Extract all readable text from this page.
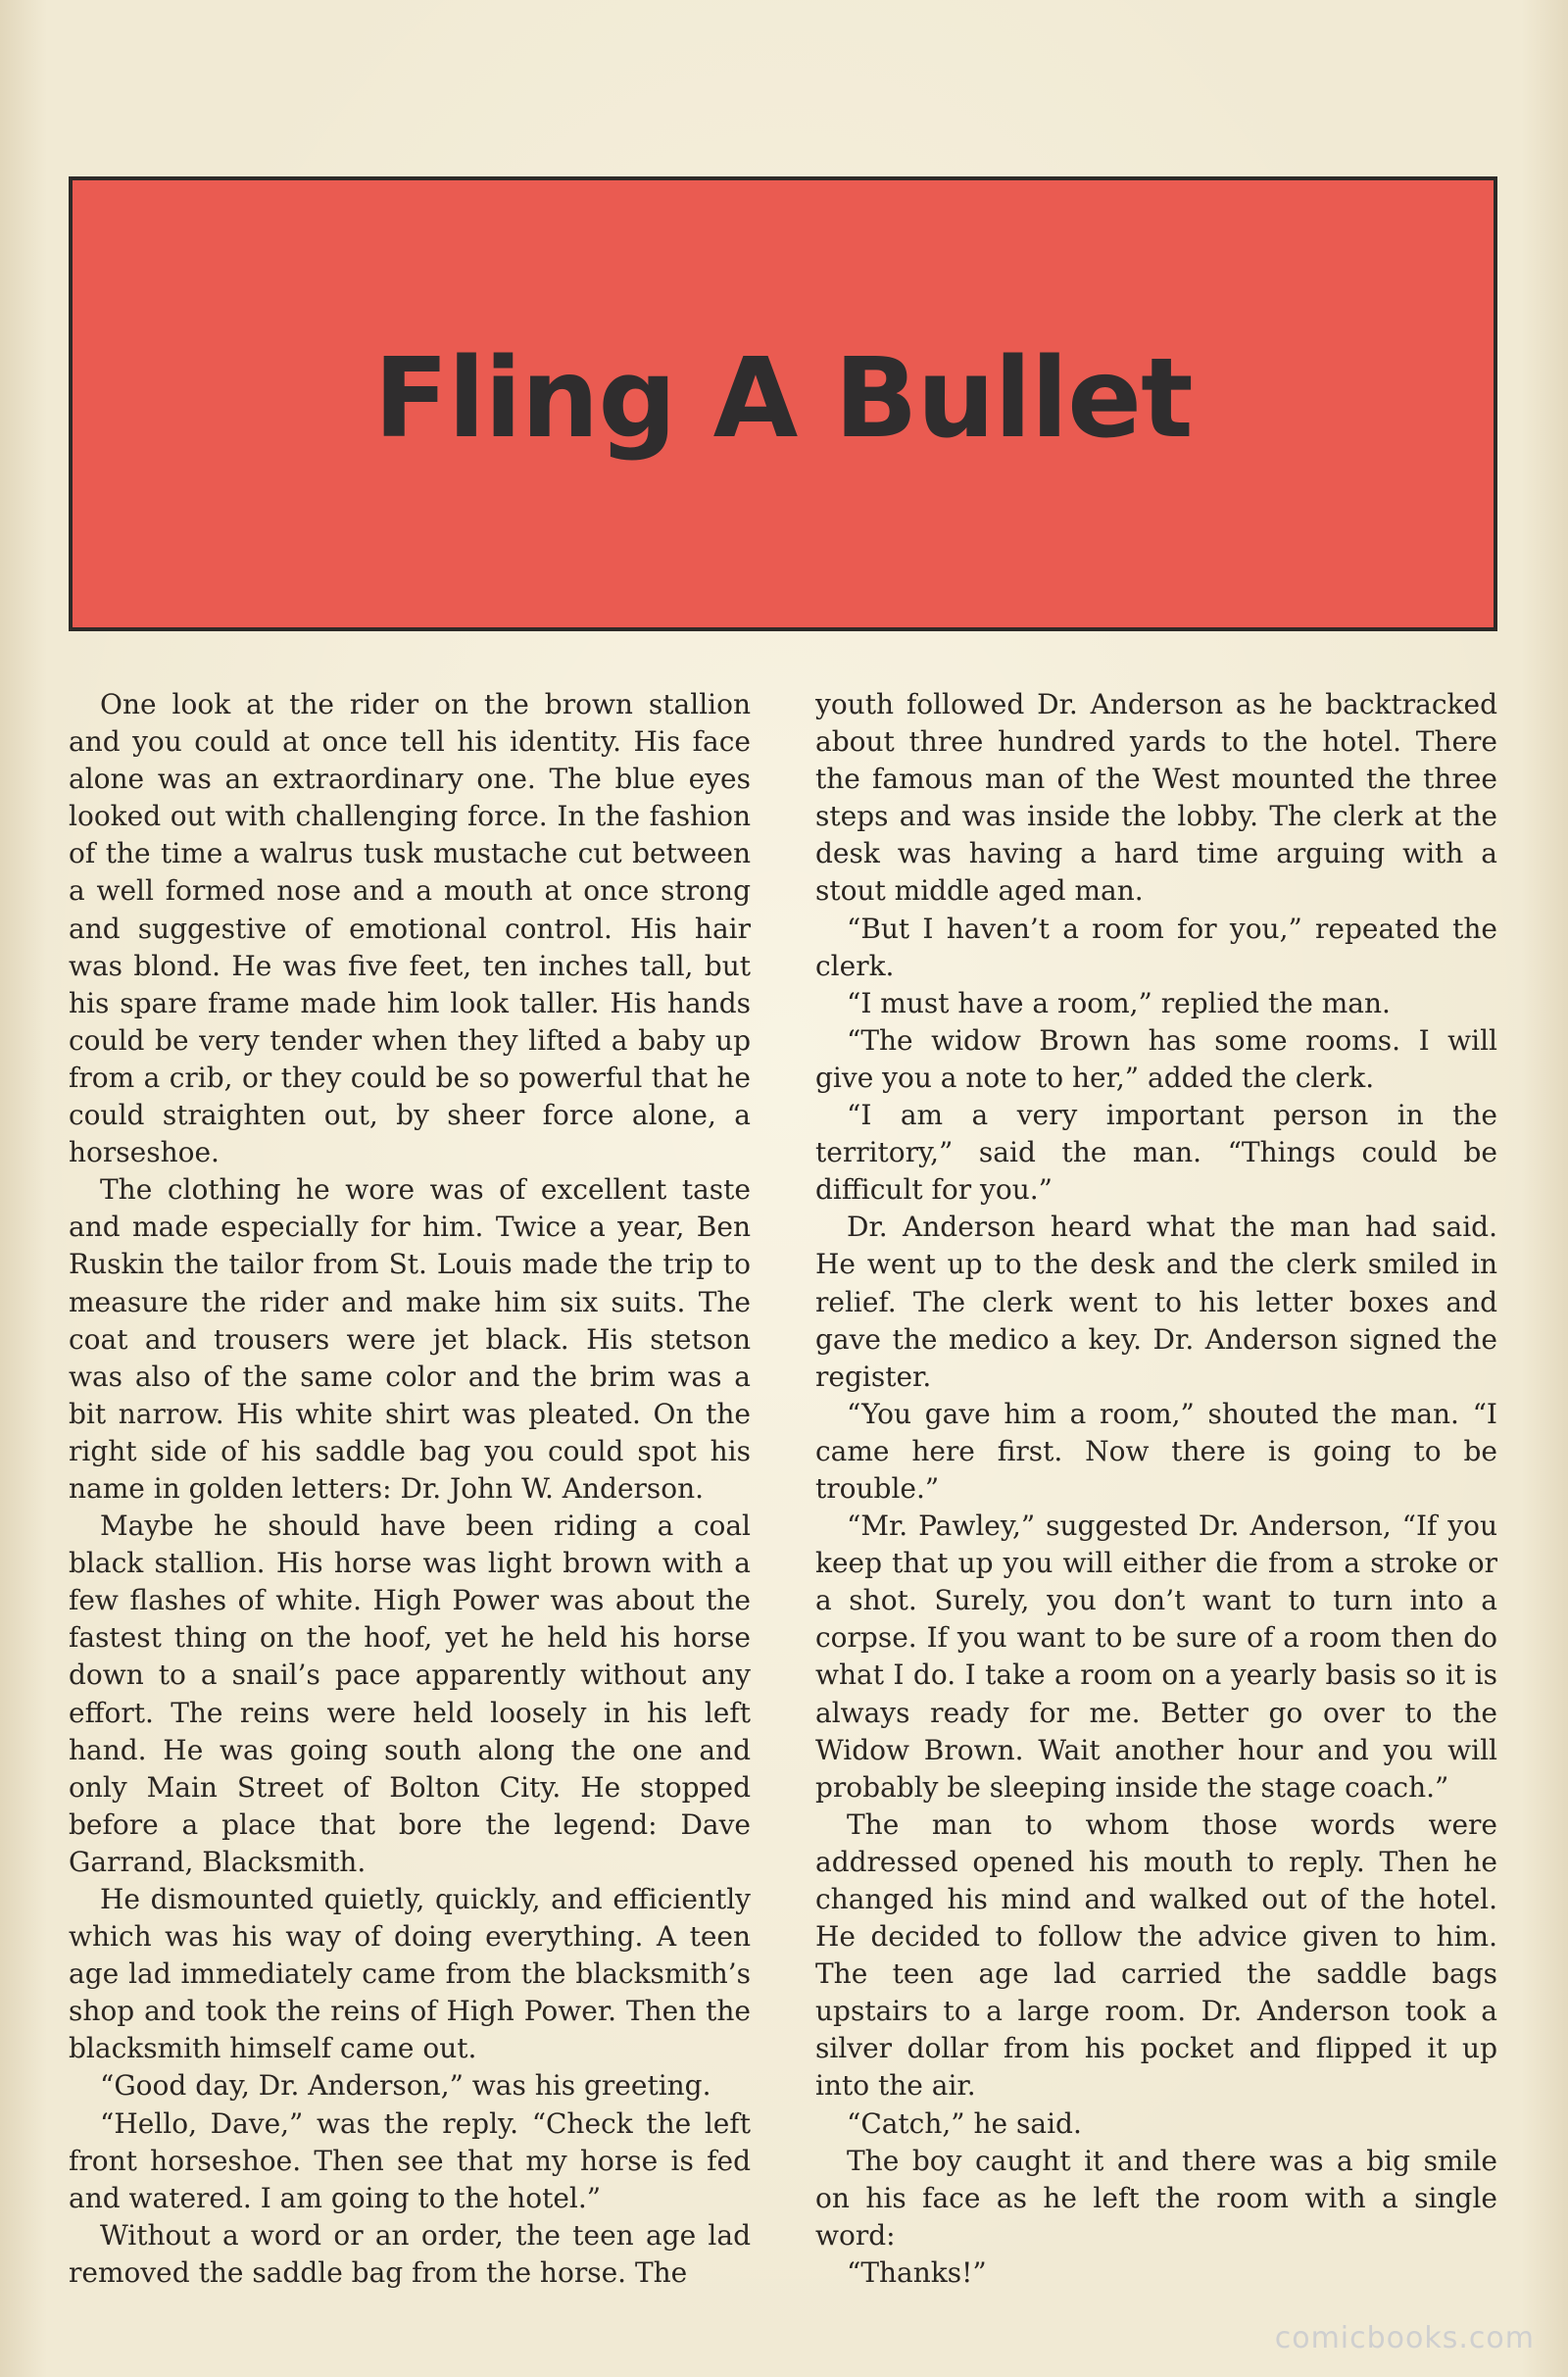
Fling A Bullet

One look at the rider on the brown stallion and you could at once tell his identity. His face alone was an extraordinary one. The blue eyes looked out with challenging force. In the fashion of the time a walrus tusk mustache cut between a well formed nose and a mouth at once strong and suggestive of emotional control. His hair was blond. He was five feet, ten inches tall, but his spare frame made him look taller. His hands could be very tender when they lifted a baby up from a crib, or they could be so powerful that he could straighten out, by sheer force alone, a horseshoe.

The clothing he wore was of excellent taste and made especially for him. Twice a year, Ben Ruskin the tailor from St. Louis made the trip to measure the rider and make him six suits. The coat and trousers were jet black. His stetson was also of the same color and the brim was a bit narrow. His white shirt was pleated. On the right side of his saddle bag you could spot his name in golden letters: Dr. John W. Anderson.

Maybe he should have been riding a coal black stallion. His horse was light brown with a few flashes of white. High Power was about the fastest thing on the hoof, yet he held his horse down to a snail’s pace apparently without any effort. The reins were held loosely in his left hand. He was going south along the one and only Main Street of Bolton City. He stopped before a place that bore the legend: Dave Garrand, Blacksmith.

He dismounted quietly, quickly, and efficiently which was his way of doing everything. A teen age lad immediately came from the blacksmith’s shop and took the reins of High Power. Then the blacksmith himself came out.

“Good day, Dr. Anderson,” was his greeting.

“Hello, Dave,” was the reply. “Check the left front horseshoe. Then see that my horse is fed and watered. I am going to the hotel.”

Without a word or an order, the teen age lad removed the saddle bag from the horse. The

youth followed Dr. Anderson as he backtracked about three hundred yards to the hotel. There the famous man of the West mounted the three steps and was inside the lobby. The clerk at the desk was having a hard time arguing with a stout middle aged man.

“But I haven’t a room for you,” repeated the clerk.

“I must have a room,” replied the man.

“The widow Brown has some rooms. I will give you a note to her,” added the clerk.

“I am a very important person in the territory,” said the man. “Things could be difficult for you.”

Dr. Anderson heard what the man had said. He went up to the desk and the clerk smiled in relief. The clerk went to his letter boxes and gave the medico a key. Dr. Anderson signed the register.

“You gave him a room,” shouted the man. “I came here first. Now there is going to be trouble.”

“Mr. Pawley,” suggested Dr. Anderson, “If you keep that up you will either die from a stroke or a shot. Surely, you don’t want to turn into a corpse. If you want to be sure of a room then do what I do. I take a room on a yearly basis so it is always ready for me. Better go over to the Widow Brown. Wait another hour and you will probably be sleeping inside the stage coach.”

The man to whom those words were addressed opened his mouth to reply. Then he changed his mind and walked out of the hotel. He decided to follow the advice given to him. The teen age lad carried the saddle bags upstairs to a large room. Dr. Anderson took a silver dollar from his pocket and flipped it up into the air.

“Catch,” he said.

The boy caught it and there was a big smile on his face as he left the room with a single word:

“Thanks!”

comicbooks.com
